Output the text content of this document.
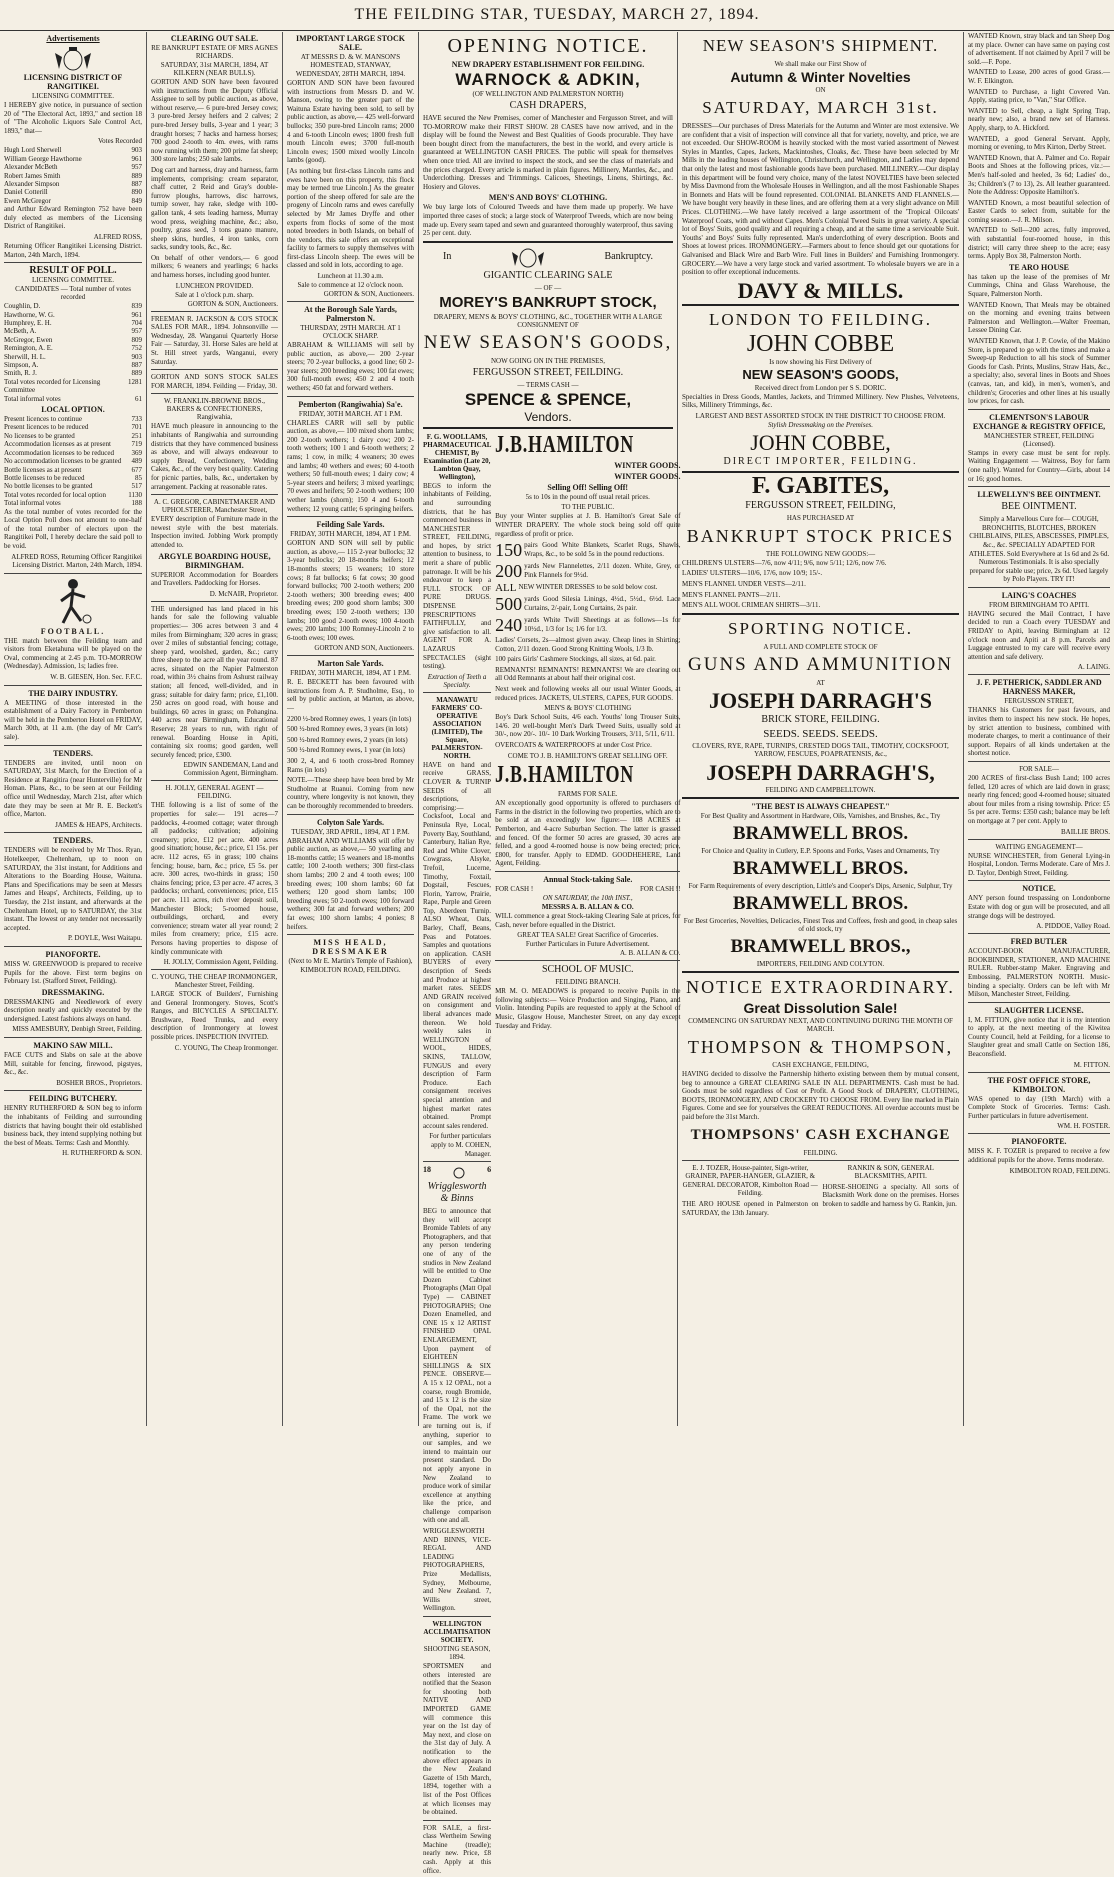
THE FEILDING STAR, TUESDAY, MARCH 27, 1894.
Advertisements
LICENSING DISTRICT OF RANGITIKEI.
LICENSING COMMITTEE.

I HEREBY give notice, in pursuance of section 20 of "The Electoral Act, 1893," and section 18 of "The Alcoholic Liquors Sale Control Act, 1893," that—

Votes Recorded
Hugh Lord Sherwell	903
William George Hawthorne	961
Alexander McBeth	957
Robert James Smith	889
Alexander Simpson	887
Daniel Cotterill	890
Ewen McGregor	849

and Arthur Edward Remington 752 have been duly elected as members of the Licensing District of Rangitikei.

ALFRED ROSS,

Returning Officer Rangitikei Licensing District. Marton, 24th March, 1894.

RESULT OF POLL.
LICENSING COMMITTEE.
CANDIDATES — Total number of votes recorded
Coughlin, D.	839
Hawthorne, W. G.	961
Humphrey, E. H.	704
McBeth, A.	957
McGregor, Ewen	809
Remington, A. E.	752
Sherwill, H. L.	903
Simpson, A.	887
Smith, R. J.	889
Total votes recorded for Licensing Committee
1281
Total informal votes	61
LOCAL OPTION.
Present licences to continue	733
Present licences to be reduced	701
No licenses to be granted	251
Accommodation licenses as at present	719
Accommodation licenses to be reduced 369
No accommodation licenses to be granted 489
Bottle licenses as at present	677
Bottle licenses to be reduced	85
No bottle licenses to be granted	517
Total votes recorded for local option	1130
Total informal votes	188

As the total number of votes recorded for the Local Option Poll does not amount to one-half of the total number of electors upon the Rangitikei Poll, I hereby declare the said poll to be void.

ALFRED ROSS, Returning Officer Rangitikei Licensing District. Marton, 24th March, 1894.

FOOTBALL.

THE match between the Feilding team and visitors from Eketahuna will be played on the Oval, commencing at 2.45 p.m. TO-MORROW (Wednesday). Admission, 1s; ladies free.

W. B. GIESEN, Hon. Sec. F.F.C.

THE DAIRY INDUSTRY.

A MEETING of those interested in the establishment of a Dairy Factory in Pemberton will be held in the Pemberton Hotel on FRIDAY, March 30th, at 11 a.m. (the day of Mr Carr's sale).

TENDERS.

TENDERS are invited, until noon on SATURDAY, 31st March, for the Erection of a Residence at Rangitira (near Hunterville) for Mr Homan. Plans, &c., to be seen at our Feilding office until Wednesday, March 21st, after which date they may be seen at Mr R. E. Beckett's office, Marton.

JAMES & HEAPS, Architects.

TENDERS.

TENDERS will be received by Mr Thos. Ryan, Hotelkeeper, Cheltenham, up to noon on SATURDAY, the 31st instant, for Additions and Alterations to the Boarding House, Waituna. Plans and Specifications may be seen at Messrs James and Heaps', Architects, Feilding, up to Tuesday, the 21st instant, and afterwards at the Cheltenham Hotel, up to SATURDAY, the 31st instant. The lowest or any tender not necessarily accepted.

P. DOYLE, West Waitapu.

PIANOFORTE.

MISS W. GREENWOOD is prepared to receive Pupils for the above. First term begins on February 1st. (Stafford Street, Feilding).

DRESSMAKING.

DRESSMAKING and Needlework of every description neatly and quickly executed by the undersigned. Latest fashions always on hand.

MISS AMESBURY, Denbigh Street, Feilding.

MAKINO SAW MILL.

FACE CUTS and Slabs on sale at the above Mill, suitable for fencing, firewood, pigstyes, &c., &c.

BOSHER BROS., Proprietors.

FEILDING BUTCHERY.

HENRY RUTHERFORD & SON beg to inform the inhabitants of Feilding and surrounding districts that having bought their old established business back, they intend supplying nothing but the best of Meats. Terms: Cash and Monthly.

H. RUTHERFORD & SON.

CLEARING OUT SALE.
RE BANKRUPT ESTATE OF MRS AGNES RICHARDS.
SATURDAY, 31st MARCH, 1894, AT KILKERN (NEAR BULLS).

GORTON AND SON have been favoured with instructions from the Deputy Official Assignee to sell by public auction, as above, without reserve,— 6 pure-bred Jersey cows; 3 pure-bred Jersey heifers and 2 calves; 2 pure-bred Jersey bulls, 3-year and 1 year; 3 draught horses; 7 hacks and harness horses; 700 good 2-tooth to 4m. ewes, with rams now running with them; 200 prime fat sheep; 300 store lambs; 250 sale lambs.

Dog cart and harness, dray and harness, farm implements, comprising: cream separator, chaff cutter, 2 Reid and Gray's double-furrow ploughs, harrows, disc harrows, turnip sower, hay rake, sledge with 100-gallon tank, 4 sets leading harness, Murray wood press, weighing machine, &c.; also, poultry, grass seed, 3 tons guano manure, sheep skins, hurdles, 4 iron tanks, corn sacks, sundry tools, &c., &c.

On behalf of other vendors,— 6 good milkers; 6 weaners and yearlings; 6 hacks and harness horses, including good hunter.

LUNCHEON PROVIDED.
Sale at 1 o'clock p.m. sharp.
GORTON & SON, Auctioneers.

FREEMAN R. JACKSON & CO'S STOCK SALES FOR MAR., 1894. Johnsonville — Wednesday, 28. Wanganui Quarterly Horse Fair — Saturday, 31. Horse Sales are held at St. Hill street yards, Wanganui, every Saturday.

GORTON AND SON'S STOCK SALES FOR MARCH, 1894. Feilding — Friday, 30.

W. FRANKLIN-BROWNE BROS., BAKERS & CONFECTIONERS, Rangiwahia,

HAVE much pleasure in announcing to the inhabitants of Rangiwahia and surrounding districts that they have commenced business as above, and will always endeavour to supply Bread, Confectionery, Wedding Cakes, &c., of the very best quality. Catering for picnic parties, balls, &c., undertaken by arrangement. Packing at reasonable rates.

A. C. GREGOR, CABINETMAKER AND UPHOLSTERER, Manchester Street,

EVERY description of Furniture made in the newest style with the best materials. Inspection invited. Jobbing Work promptly attended to.

ARGYLE BOARDING HOUSE, BIRMINGHAM.

SUPERIOR Accommodation for Boarders and Travellers. Paddocking for Horses.

D. McNAIR, Proprietor.

THE undersigned has land placed in his hands for sale the following valuable properties:— 306 acres between 3 and 4 miles from Birmingham; 320 acres in grass; over 2 miles of substantial fencing; cottage, sheep yard, woolshed, garden, &c.; carry three sheep to the acre all the year round. 87 acres, situated on the Napier Palmerston road, within 3½ chains from Ashurst railway station; all fenced, well-divided, and in grass; suitable for dairy farm; price, £1,100. 250 acres on good road, with house and buildings, 60 acres in grass; on Pohangina. 440 acres near Birmingham, Educational Reserve; 28 years to run, with right of renewal. Boarding House in Apiti, containing six rooms; good garden, well securely fenced; price, £300.

EDWIN SANDEMAN, Land and Commission Agent, Birmingham.
H. JOLLY, GENERAL AGENT — FEILDING.

THE following is a list of some of the properties for sale:— 191 acres—7 paddocks, 4-roomed cottage; water through all paddocks; cultivation; adjoining creamery; price, £12 per acre. 400 acres good situation; house, &c.; price, £1 15s. per acre. 112 acres, 65 in grass; 100 chains fencing; house, barn, &c.; price, £5 5s. per acre. 300 acres, two-thirds in grass; 150 chains fencing; price, £3 per acre. 47 acres, 3 paddocks; orchard, conveniences; price, £15 per acre. 111 acres, rich river deposit soil, Manchester Block; 5-roomed house, outbuildings, orchard, and every convenience; stream water all year round; 2 miles from creamery; price, £15 acre. Persons having properties to dispose of kindly communicate with

H. JOLLY, Commission Agent, Feilding.
C. YOUNG, THE CHEAP IRONMONGER, Manchester Street, Feilding.

LARGE STOCK of Builders', Furnishing and General Ironmongery. Stoves, Scott's Ranges, and BICYCLES A SPECIALTY. Brushware, Reed Trunks, and every description of Ironmongery at lowest possible prices. INSPECTION INVITED.

C. YOUNG, The Cheap Ironmonger.
IMPORTANT LARGE STOCK SALE.
AT MESSRS D. & W. MANSON'S HOMESTEAD, STANWAY,
WEDNESDAY, 28TH MARCH, 1894.

GORTON AND SON have been favoured with instructions from Messrs D. and W. Manson, owing to the greater part of the Waituna Estate having been sold, to sell by public auction, as above,— 425 well-forward bullocks; 350 pure-bred Lincoln rams; 2000 4 and 6-tooth Lincoln ewes; 1800 fresh full mouth Lincoln ewes; 3700 full-mouth Lincoln ewes; 1500 mixed woolly Lincoln lambs (good).

[As nothing but first-class Lincoln rams and ewes have been on this property, this flock may be termed true Lincoln.] As the greater portion of the sheep offered for sale are the progeny of Lincoln rams and ewes carefully selected by Mr James Dryffe and other experts from flocks of some of the most noted breeders in both Islands, on behalf of the vendors, this sale offers an exceptional facility to farmers to supply themselves with first-class Lincoln sheep. The ewes will be classed and sold in lots, according to age.

Luncheon at 11.30 a.m.
Sale to commence at 12 o'clock noon.
GORTON & SON, Auctioneers.
At the Borough Sale Yards, Palmerston N.
THURSDAY, 29TH MARCH. AT 1 O'CLOCK SHARP.

ABRAHAM & WILLIAMS will sell by public auction, as above,— 200 2-year steers; 70 2-year bullocks, a good line; 60 2-year steers; 200 breeding ewes; 100 fat ewes; 300 full-mouth ewes; 450 2 and 4 tooth wethers; 450 fat and forward wethers.

Pemberton (Rangiwahia) Sa'e.
FRIDAY, 30TH MARCH. AT 1 P.M.

CHARLES CARR will sell by public auction, as above,— 100 mixed shorn lambs; 200 2-tooth wethers; 1 dairy cow; 200 2-tooth wethers; 100 1 and 6-tooth wethers; 2 rams; 1 cow, in milk; 4 weaners; 30 ewes and lambs; 40 wethers and ewes; 60 4-tooth wethers; 50 full-mouth ewes; 1 dairy cow; 4 5-year steers and heifers; 3 mixed yearlings; 70 ewes and heifers; 50 2-tooth wethers; 100 wether lambs (shorn); 150 4 and 6-tooth wethers; 12 young cattle; 6 springing heifers.

Feilding Sale Yards.
FRIDAY, 30TH MARCH, 1894, AT 1 P.M.

GORTON AND SON will sell by public auction, as above,— 115 2-year bullocks; 32 3-year bullocks; 20 18-months heifers; 12 18-months steers; 15 weaners; 10 store cows; 8 fat bullocks; 6 fat cows; 30 good forward bullocks; 700 2-tooth wethers; 200 2-tooth wethers; 300 breeding ewes; 400 breeding ewes; 200 good shorn lambs; 300 breeding ewes; 150 2-tooth wethers; 130 lambs; 100 good 2-tooth ewes; 100 4-tooth ewes; 200 lambs; 100 Romney-Lincoln 2 to 6-tooth ewes; 100 ewes.

GORTON AND SON, Auctioneers.
Marton Sale Yards.
FRIDAY, 30TH MARCH, 1894, AT 1 P.M.

R. E. BECKETT has been favoured with instructions from A. P. Studholme, Esq., to sell by public auction, at Marton, as above,—

2200 ½-bred Romney ewes, 1 years (in lots)

500 ½-bred Romney ewes, 3 years (in lots)

500 ½-bred Romney ewes, 2 years (in lots)

500 ½-bred Romney ewes, 1 year (in lots)

300 2, 4, and 6 tooth cross-bred Romney Rams (in lots)

NOTE.—These sheep have been bred by Mr Studholme at Ruanui. Coming from new country, where longevity is not known, they can be thoroughly recommended to breeders.

Colyton Sale Yards.
TUESDAY, 3RD APRIL, 1894, AT 1 P.M.

ABRAHAM AND WILLIAMS will offer by public auction, as above,— 50 yearling and 18-months cattle; 15 weaners and 18-months cattle; 100 2-tooth wethers; 300 first-class shorn lambs; 200 2 and 4 tooth ewes; 100 breeding ewes; 100 shorn lambs; 60 fat wethers; 120 good shorn lambs; 100 breeding ewes; 50 2-tooth ewes; 100 forward wethers; 300 fat and forward wethers; 200 fat ewes; 100 shorn lambs; 4 ponies; 8 heifers.

MISS HEALD, DRESSMAKER

(Next to Mr E. Martin's Temple of Fashion), KIMBOLTON ROAD, FEILDING.

OPENING NOTICE.
NEW DRAPERY ESTABLISHMENT FOR FEILDING.
WARNOCK & ADKIN,
(OF WELLINGTON AND PALMERSTON NORTH)
CASH DRAPERS,

HAVE secured the New Premises, corner of Manchester and Fergusson Street, and will TO-MORROW make their FIRST SHOW. 28 CASES have now arrived, and in the display will be found the Newest and Best Qualities of Goods procurable. They have been bought direct from the manufacturers, the best in the world, and every article is guaranteed at WELLINGTON CASH PRICES. The public will speak for themselves when once tried. All are invited to inspect the stock, and see the class of materials and the prices charged. Every article is marked in plain figures. Millinery, Mantles, &c., and Underclothing. Dresses and Trimmings. Calicoes, Sheetings, Linens, Shirtings, &c. Hosiery and Gloves.

MEN'S AND BOYS' CLOTHING.

We buy large lots of Coloured Tweeds and have them made up properly. We have imported three cases of stock; a large stock of Waterproof Tweeds, which are now being made up. Every seam taped and sewn and guaranteed thoroughly waterproof, thus saving 25 per cent. duty.

In	Bankruptcy.
GIGANTIC CLEARING SALE
— OF —
MOREY'S BANKRUPT STOCK,
DRAPERY, MEN'S & BOYS' CLOTHING, &C., TOGETHER WITH A LARGE CONSIGNMENT OF
NEW SEASON'S GOODS,
NOW GOING ON IN THE PREMISES,
FERGUSSON STREET, FEILDING.
— TERMS CASH —
SPENCE & SPENCE,
Vendors.
F. G. WOOLLAMS, PHARMACEUTICAL CHEMIST, By Examination (Late 20, Lambton Quay, Wellington),

BEGS to inform the inhabitants of Feilding, and surrounding districts, that he has commenced business in MANCHESTER STREET, FEILDING, and hopes, by strict attention to business, to merit a share of public patronage. It will be his endeavour to keep a FULL STOCK OF PURE DRUGS. DISPENSE PRESCRIPTIONS FAITHFULLY, and give satisfaction to all. AGENT FOR A. LAZARUS SPECTACLES (sight testing).

Extraction of Teeth a Specialty.
MANAWATU FARMERS' CO-OPERATIVE ASSOCIATION (LIMITED), The Square, PALMERSTON-NORTH.

HAVE on hand and receive GRASS, CLOVER & TURNIP SEEDS of all descriptions, comprising:—Cocksfoot, Local and Peninsula Rye, Local, Poverty Bay, Southland, Canterbury, Italian Rye, Red and White Clover, Cowgrass, Alsyke, Trefoil, Lucerne, Timothy, Foxtail, Dogstail, Fescues, Florin, Yarrow, Prairie, Rape, Purple and Green Top, Aberdeen Turnip. ALSO Wheat, Oats, Barley, Chaff, Beans, Peas and Potatoes. Samples and quotations on application. CASH BUYERS of every description of Seeds and Produce at highest market rates. SEEDS AND GRAIN received on consignment and liberal advances made thereon. We hold weekly sales in WELLINGTON of WOOL, HIDES, SKINS, TALLOW, FUNGUS and every description of Farm Produce. Each consignment receives special attention and highest market rates obtained. Prompt account sales rendered.

For further particulars apply to M. COHEN, Manager.

18	6
Wrigglesworth & Binns

BEG to announce that they will accept Bromide Tablets of any Photographers, and that any person tendering one of any of the studios in New Zealand will be entitled to One Dozen Cabinet Photographs (Matt Opal Type) — CABINET PHOTOGRAPHS; One Dozen Enamelled, and ONE 15 x 12 ARTIST FINISHED OPAL ENLARGEMENT, Upon payment of EIGHTEEN SHILLINGS & SIX PENCE. OBSERVE—A 15 x 12 OPAL, not a coarse, rough Bromide, and 15 x 12 is the size of the Opal, not the Frame. The work we are turning out is, if anything, superior to our samples, and we intend to maintain our present standard. Do not apply anyone in New Zealand to produce work of similar excellence at anything like the price, and challenge comparison with one and all.

WRIGGLESWORTH AND BINNS, VICE-REGAL AND LEADING PHOTOGRAPHERS, Prize Medallists, Sydney, Melbourne, and New Zealand. 7, Willis street, Wellington.

WELLINGTON ACCLIMATISATION SOCIETY.
SHOOTING SEASON, 1894.

SPORTSMEN and others interested are notified that the Season for shooting both NATIVE AND IMPORTED GAME will commence this year on the 1st day of May next, and close on the 31st day of July. A notification to the above effect appears in the New Zealand Gazette of 15th March, 1894, together with a list of the Post Offices at which licenses may be obtained.

FOR SALE, a first-class Wertheim Sewing Machine (treadle); nearly new. Price, £8 cash. Apply at this office.

J.B.HAMILTON
WINTER GOODS.
WINTER GOODS.
Selling Off! Selling Off!

5s to 10s in the pound off usual retail prices.

TO THE PUBLIC.

Buy your Winter supplies at J. B. Hamilton's Great Sale of WINTER DRAPERY. The whole stock being sold off quite regardless of profit or price.

150 pairs Good White Blankets, Scarlet Rugs, Shawls, Wraps, &c., to be sold 5s in the pound reductions.
200 yards New Flannelettes, 2/11 dozen. White, Grey, or Pink Flannels for 9½d.
ALL NEW WINTER DRESSES to be sold below cost.
500 yards Good Silesia Linings, 4½d., 5½d., 6½d. Lace Curtains, 2/-pair, Long Curtains, 2s pair.
240 yards White Twill Sheetings at as follows—1s for 10½d., 1/3 for 1s; 1/6 for 1/3.

Ladies' Corsets, 2s—almost given away. Cheap lines in Shirting; Cotton, 2/11 dozen. Good Strong Knitting Wools, 1/3 lb.

100 pairs Girls' Cashmere Stockings, all sizes, at 6d. pair.

REMNANTS! REMNANTS! REMNANTS! We are clearing out all Odd Remnants at about half their original cost.

Next week and following weeks all our usual Winter Goods, at reduced prices. JACKETS, ULSTERS, CAPES, FUR GOODS.

MEN'S & BOYS' CLOTHING

Boy's Dark School Suits, 4/6 each. Youths' long Trouser Suits, 14/6. 20 well-bought Men's Dark Tweed Suits, usually sold at 30/-, now 20/-. 10/- 10 Dark Working Trousers, 3/11, 5/11, 6/11.

OVERCOATS & WATERPROOFS at under Cost Price.

COME TO J. B. HAMILTON'S GREAT SELLING OFF.

J.B.HAMILTON
FARMS FOR SALE.

AN exceptionally good opportunity is offered to purchasers of Farms in the district in the following two properties, which are to be sold at an exceedingly low figure:— 108 ACRES at Pemberton, and 4-acre Suburban Section. The latter is grassed and fenced. Of the former 50 acres are grassed, 30 acres are felled, and a good 4-roomed house is now being erected; price, £800, for transfer. Apply to EDMD. GOODHEHERE, Land Agent, Feilding.

Annual Stock-taking Sale.
FOR CASH !	FOR CASH !!
ON SATURDAY, the 10th INST.,
MESSRS A. B. ALLAN & CO.

WILL commence a great Stock-taking Clearing Sale at prices, for Cash, never before equalled in the District.

GREAT TEA SALE! Great Sacrifice of Groceries.
Further Particulars in Future Advertisement.
A. B. ALLAN & CO.
SCHOOL OF MUSIC.
FEILDING BRANCH.

MR M. O. MEADOWS is prepared to receive Pupils in the following subjects:— Voice Production and Singing, Piano, and Violin. Intending Pupils are requested to apply at the School of Music, Glasgow House, Manchester Street, on any day except Tuesday and Friday.

NEW SEASON'S SHIPMENT.
We shall make our First Show of
Autumn & Winter Novelties
ON
SATURDAY, MARCH 31st.

DRESSES—Our purchases of Dress Materials for the Autumn and Winter are most extensive. We are confident that a visit of inspection will convince all that for variety, novelty, and price, we are not exceeded. Our SHOW-ROOM is heavily stocked with the most varied assortment of Newest Styles in Mantles, Capes, Jackets, Mackintoshes, Cloaks, &c. These have been selected by Mr Mills in the leading houses of Wellington, Christchurch, and Wellington, and Ladies may depend that only the latest and most fashionable goods have been purchased. MILLINERY.—Our display in this department will be found very choice, many of the latest NOVELTIES have been selected by Miss Davmond from the Wholesale Houses in Wellington, and all the most Fashionable Shapes in Bonnets and Hats will be found represented. COLONIAL BLANKETS AND FLANNELS.—We have bought very heavily in these lines, and are offering them at a very slight advance on Mill Prices. CLOTHING.—We have lately received a large assortment of the 'Tropical Oilcoats' Waterproof Coats, with and without Capes. Men's Colonial Tweed Suits in great variety. A special lot of Boys' Suits, good quality and all requiring a cheap, and at the same time a serviceable Suit. Youths' and Boys' Suits fully represented. Man's underclothing of every description. Boots and Shoes at lowest prices. IRONMONGERY.—Farmers about to fence should get our quotations for Galvanised and Black Wire and Barb Wire. Full lines in Builders' and Furnishing Ironmongery. GROCERY.—We have a very large stock and varied assortment. To wholesale buyers we are in a position to offer exceptional inducements.

DAVY & MILLS.
LONDON TO FEILDING.
JOHN COBBE
Is now showing his First Delivery of
NEW SEASON'S GOODS,
Received direct from London per S S. DORIC.

Specialties in Dress Goods, Mantles, Jackets, and Trimmed Millinery. New Plushes, Velveteens, Silks, Millinery Trimmings, &c.

LARGEST AND BEST ASSORTED STOCK IN THE DISTRICT TO CHOOSE FROM.
Stylish Dressmaking on the Premises.
JOHN COBBE,
DIRECT IMPORTER, FEILDING.
F. GABITES,
FERGUSSON STREET, FEILDING,
HAS PURCHASED AT
BANKRUPT STOCK PRICES
THE FOLLOWING NEW GOODS:—

CHILDREN'S ULSTERS—7/6, now 4/11; 9/6, now 5/11; 12/6, now 7/6.

LADIES' ULSTERS—10/6, 17/6, now 10/9; 15/-.

MEN'S FLANNEL UNDER VESTS—2/11.

MEN'S FLANNEL PANTS—2/11.

MEN'S ALL WOOL CRIMEAN SHIRTS—3/11.

SPORTING NOTICE.
A FULL AND COMPLETE STOCK OF
GUNS AND AMMUNITION
AT
JOSEPH DARRAGH'S
BRICK STORE, FEILDING.
SEEDS. SEEDS. SEEDS.

CLOVERS, RYE, RAPE, TURNIPS, CRESTED DOGS TAIL, TIMOTHY, COCKSFOOT, YARROW, FESCUES, POAPRATENSIS, &c.,

JOSEPH DARRAGH'S,
FEILDING AND CAMPBELLTOWN.
"THE BEST IS ALWAYS CHEAPEST."
For Best Quality and Assortment in Hardware, Oils, Varnishes, and Brushes, &c., Try
BRAMWELL BROS.
For Choice and Quality in Cutlery, E.P. Spoons and Forks, Vases and Ornaments, Try
BRAMWELL BROS.
For Farm Requirements of every description, Little's and Cooper's Dips, Arsenic, Sulphur, Try
BRAMWELL BROS.
For Best Groceries, Novelties, Delicacies, Finest Teas and Coffees, fresh and good, in cheap sales of old stock, try
BRAMWELL BROS.,
IMPORTERS, FEILDING AND COLYTON.
NOTICE EXTRAORDINARY.
Great Dissolution Sale!
COMMENCING ON SATURDAY NEXT, AND CONTINUING DURING THE MONTH OF MARCH.
THOMPSON & THOMPSON,
CASH EXCHANGE, FEILDING,

HAVING decided to dissolve the Partnership hitherto existing between them by mutual consent, beg to announce a GREAT CLEARING SALE IN ALL DEPARTMENTS. Cash must be had. Goods must be sold regardless of Cost or Profit. A Good Stock of DRAPERY, CLOTHING, BOOTS, IRONMONGERY, AND CROCKERY TO CHOOSE FROM. Every line marked in Plain Figures. Come and see for yourselves the GREAT REDUCTIONS. All overdue accounts must be paid before the 31st March.

THOMPSONS' CASH EXCHANGE
FEILDING.

E. J. TOZER, House-painter, Sign-writer, GRAINER, PAPER-HANGER, GLAZIER, & GENERAL DECORATOR, Kimbolton Road — Feilding.

THE ARO HOUSE opened in Palmerston on SATURDAY, the 13th January.

RANKIN & SON, GENERAL BLACKSMITHS, APITI.

HORSE-SHOEING a specialty. All sorts of Blacksmith Work done on the premises. Horses broken to saddle and harness by G. Rankin, jun.

WANTED Known, stray black and tan Sheep Dog at my place. Owner can have same on paying cost of advertisement. If not claimed by April 7 will be sold.—F. Pope.

WANTED to Lease, 200 acres of good Grass.—W. F. Elkington.

WANTED to Purchase, a light Covered Van. Apply, stating price, to "Van," Star Office.

WANTED to Sell, cheap, a light Spring Trap, nearly new; also, a brand new set of Harness. Apply, sharp, to A. Hickford.

WANTED, a good General Servant. Apply, morning or evening, to Mrs Kirton, Derby Street.

WANTED Known, that A. Palmer and Co. Repair Boots and Shoes at the following prices, viz.:—Men's half-soled and heeled, 3s 6d; Ladies' do., 3s; Children's (7 to 13), 2s. All leather guaranteed. Note the Address: Opposite Hamilton's.

WANTED Known, a most beautiful selection of Easter Cards to select from, suitable for the coming season.—J. R. Milson.

WANTED to Sell—200 acres, fully improved, with substantial four-roomed house, in this district; will carry three sheep to the acre; easy terms. Apply Box 38, Palmerston North.

TE ARO HOUSE

has taken up the lease of the premises of Mr Cummings, China and Glass Warehouse, the Square, Palmerston North.

WANTED Known, That Meals may be obtained on the morning and evening trains between Palmerston and Wellington.—Walter Freeman, Lessee Dining Car.

WANTED Known, that J. P. Cowie, of the Makino Store, is prepared to go with the times and make a Sweep-up Reduction to all his stock of Summer Goods for Cash. Prints, Muslins, Straw Hats, &c., a specialty; also, several lines in Boots and Shoes (canvas, tan, and kid), in men's, women's, and children's; Groceries and other lines at his usually low prices, for cash.

CLEMENTSON'S LABOUR EXCHANGE & REGISTRY OFFICE,
MANCHESTER STREET, FEILDING (Licensed).

Stamps in every case must be sent for reply. Waiting Engagement — Waitress, Boy for farm (one nally). Wanted for Country—Girls, about 14 or 16; good homes.

LLEWELLYN'S BEE OINTMENT.
BEE OINTMENT.

Simply a Marvellous Cure for— COUGH, BRONCHITIS, BLOTCHES, BROKEN CHILBLAINS, PILES, ABSCESSES, PIMPLES, &c., &c. SPECIALLY ADAPTED FOR ATHLETES. Sold Everywhere at 1s 6d and 2s 6d. Numerous Testimonials. It is also specially prepared for stable use; price, 2s 6d. Used largely by Polo Players. TRY IT!

LAING'S COACHES
FROM BIRMINGHAM TO APITI.

HAVING secured the Mail Contract, I have decided to run a Coach every TUESDAY and FRIDAY to Apiti, leaving Birmingham at 12 o'clock noon and Apiti at 8 p.m. Parcels and Luggage entrusted to my care will receive every attention and safe delivery.

A. LAING.
J. F. PETHERICK, SADDLER AND HARNESS MAKER,
FERGUSSON STREET,

THANKS his Customers for past favours, and invites them to inspect his new stock. He hopes, by strict attention to business, combined with moderate charges, to merit a continuance of their support. Repairs of all kinds undertaken at the shortest notice.

FOR SALE—

200 ACRES of first-class Bush Land; 100 acres felled, 120 acres of which are laid down in grass; nearly ring fenced; good 4-roomed house; situated about four miles from a rising township. Price: £5 5s per acre. Terms: £350 cash; balance may be left on mortgage at 7 per cent. Apply to

BAILLIE BROS.
WAITING ENGAGEMENT—

NURSE WINCHESTER, from General Lying-in Hospital, London. Terms Moderate. Care of Mrs J. D. Taylor, Denbigh Street, Feilding.

NOTICE.

ANY person found trespassing on Londonborne Estate with dog or gun will be prosecuted, and all strange dogs will be destroyed.

A. PIDDOE, Valley Road.
FRED BUTLER

ACCOUNT-BOOK MANUFACTURER, BOOKBINDER, STATIONER, AND MACHINE RULER. Rubber-stamp Maker. Engraving and Embossing, PALMERSTON NORTH. Music-binding a specialty. Orders can be left with Mr Milson, Manchester Street, Feilding.

SLAUGHTER LICENSE.

I, M. FITTON, give notice that it is my intention to apply, at the next meeting of the Kiwitea County Council, held at Feilding, for a license to Slaughter great and small Cattle on Section 186, Beaconsfield.

M. FITTON.
THE FOST OFFICE STORE, KIMBOLTON.

WAS opened to day (19th March) with a Complete Stock of Groceries. Terms: Cash. Further particulars in future advertisement.

WM. H. FOSTER.
PIANOFORTE.

MISS K. F. TOZER is prepared to receive a few additional pupils for the above. Terms moderate.

KIMBOLTON ROAD, FEILDING.
